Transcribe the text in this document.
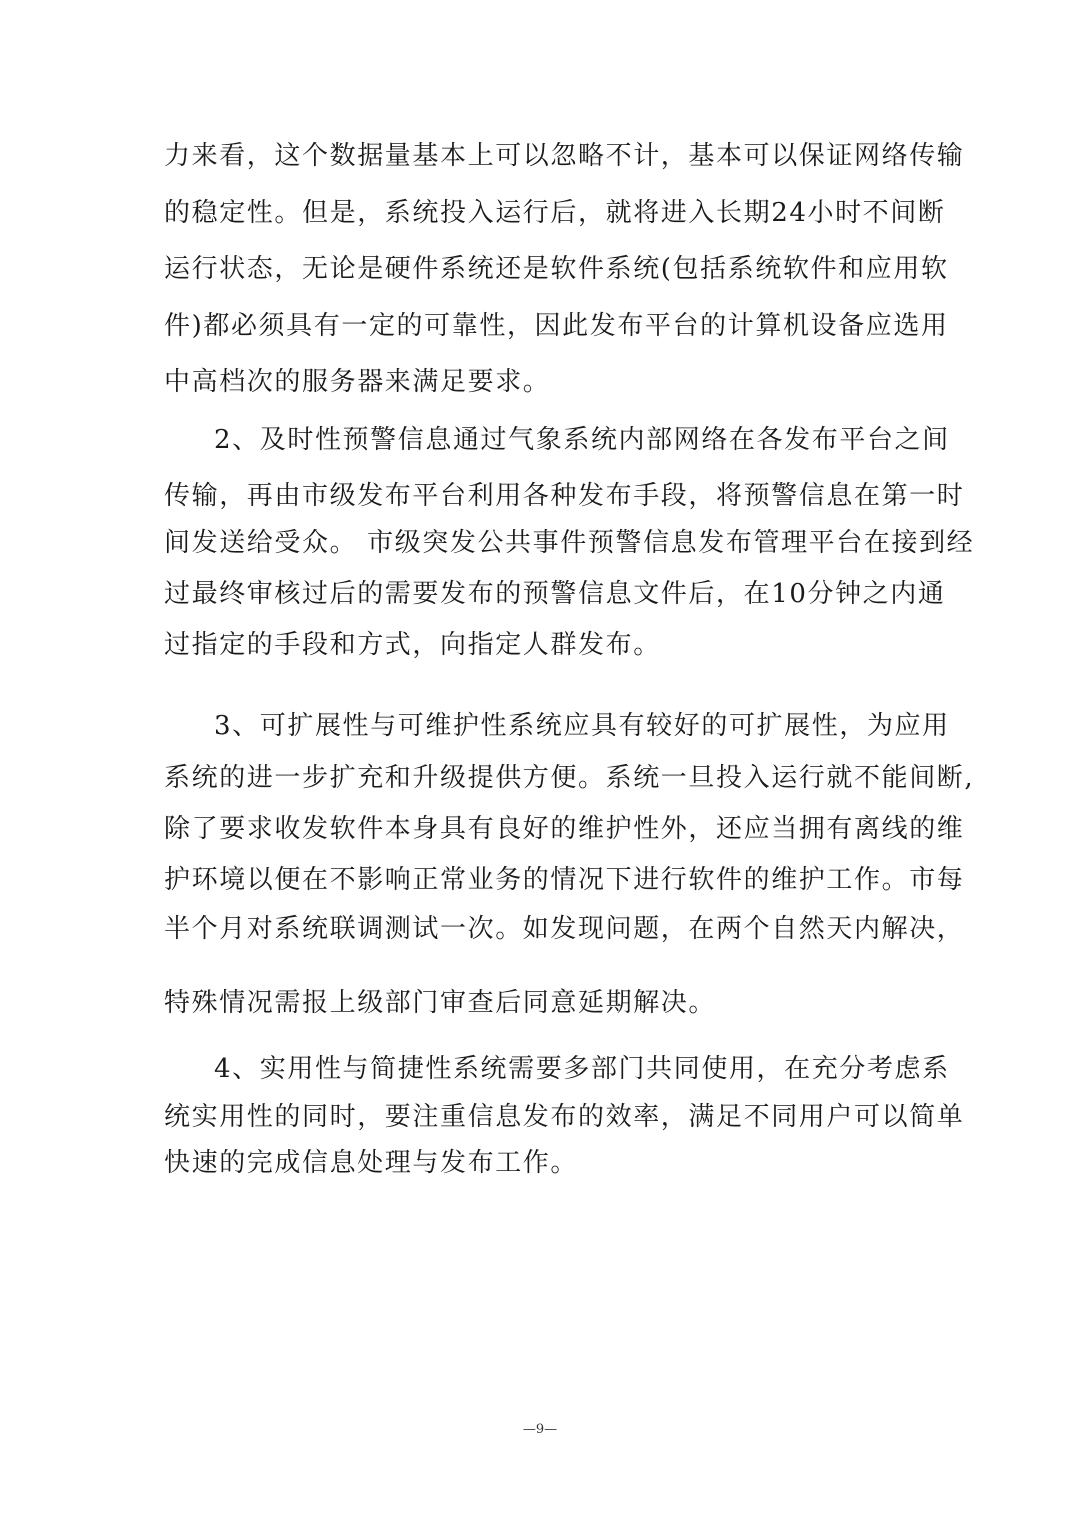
力来看，这个数据量基本上可以忽略不计，基本可以保证网络传输
的稳定性。但是，系统投入运行后，就将进入长期24小时不间断
运行状态，无论是硬件系统还是软件系统(包括系统软件和应用软
件)都必须具有一定的可靠性，因此发布平台的计算机设备应选用
中高档次的服务器来满足要求。
2、及时性预警信息通过气象系统内部网络在各发布平台之间
传输，再由市级发布平台利用各种发布手段，将预警信息在第一时
间发送给受众。 市级突发公共事件预警信息发布管理平台在接到经
过最终审核过后的需要发布的预警信息文件后，在10分钟之内通
过指定的手段和方式，向指定人群发布。
3、可扩展性与可维护性系统应具有较好的可扩展性，为应用
系统的进一步扩充和升级提供方便。系统一旦投入运行就不能间断,
除了要求收发软件本身具有良好的维护性外，还应当拥有离线的维
护环境以便在不影响正常业务的情况下进行软件的维护工作。市每
半个月对系统联调测试一次。如发现问题，在两个自然天内解决，
特殊情况需报上级部门审查后同意延期解决。
4、实用性与简捷性系统需要多部门共同使用，在充分考虑系
统实用性的同时，要注重信息发布的效率，满足不同用户可以简单
快速的完成信息处理与发布工作。
—9—
